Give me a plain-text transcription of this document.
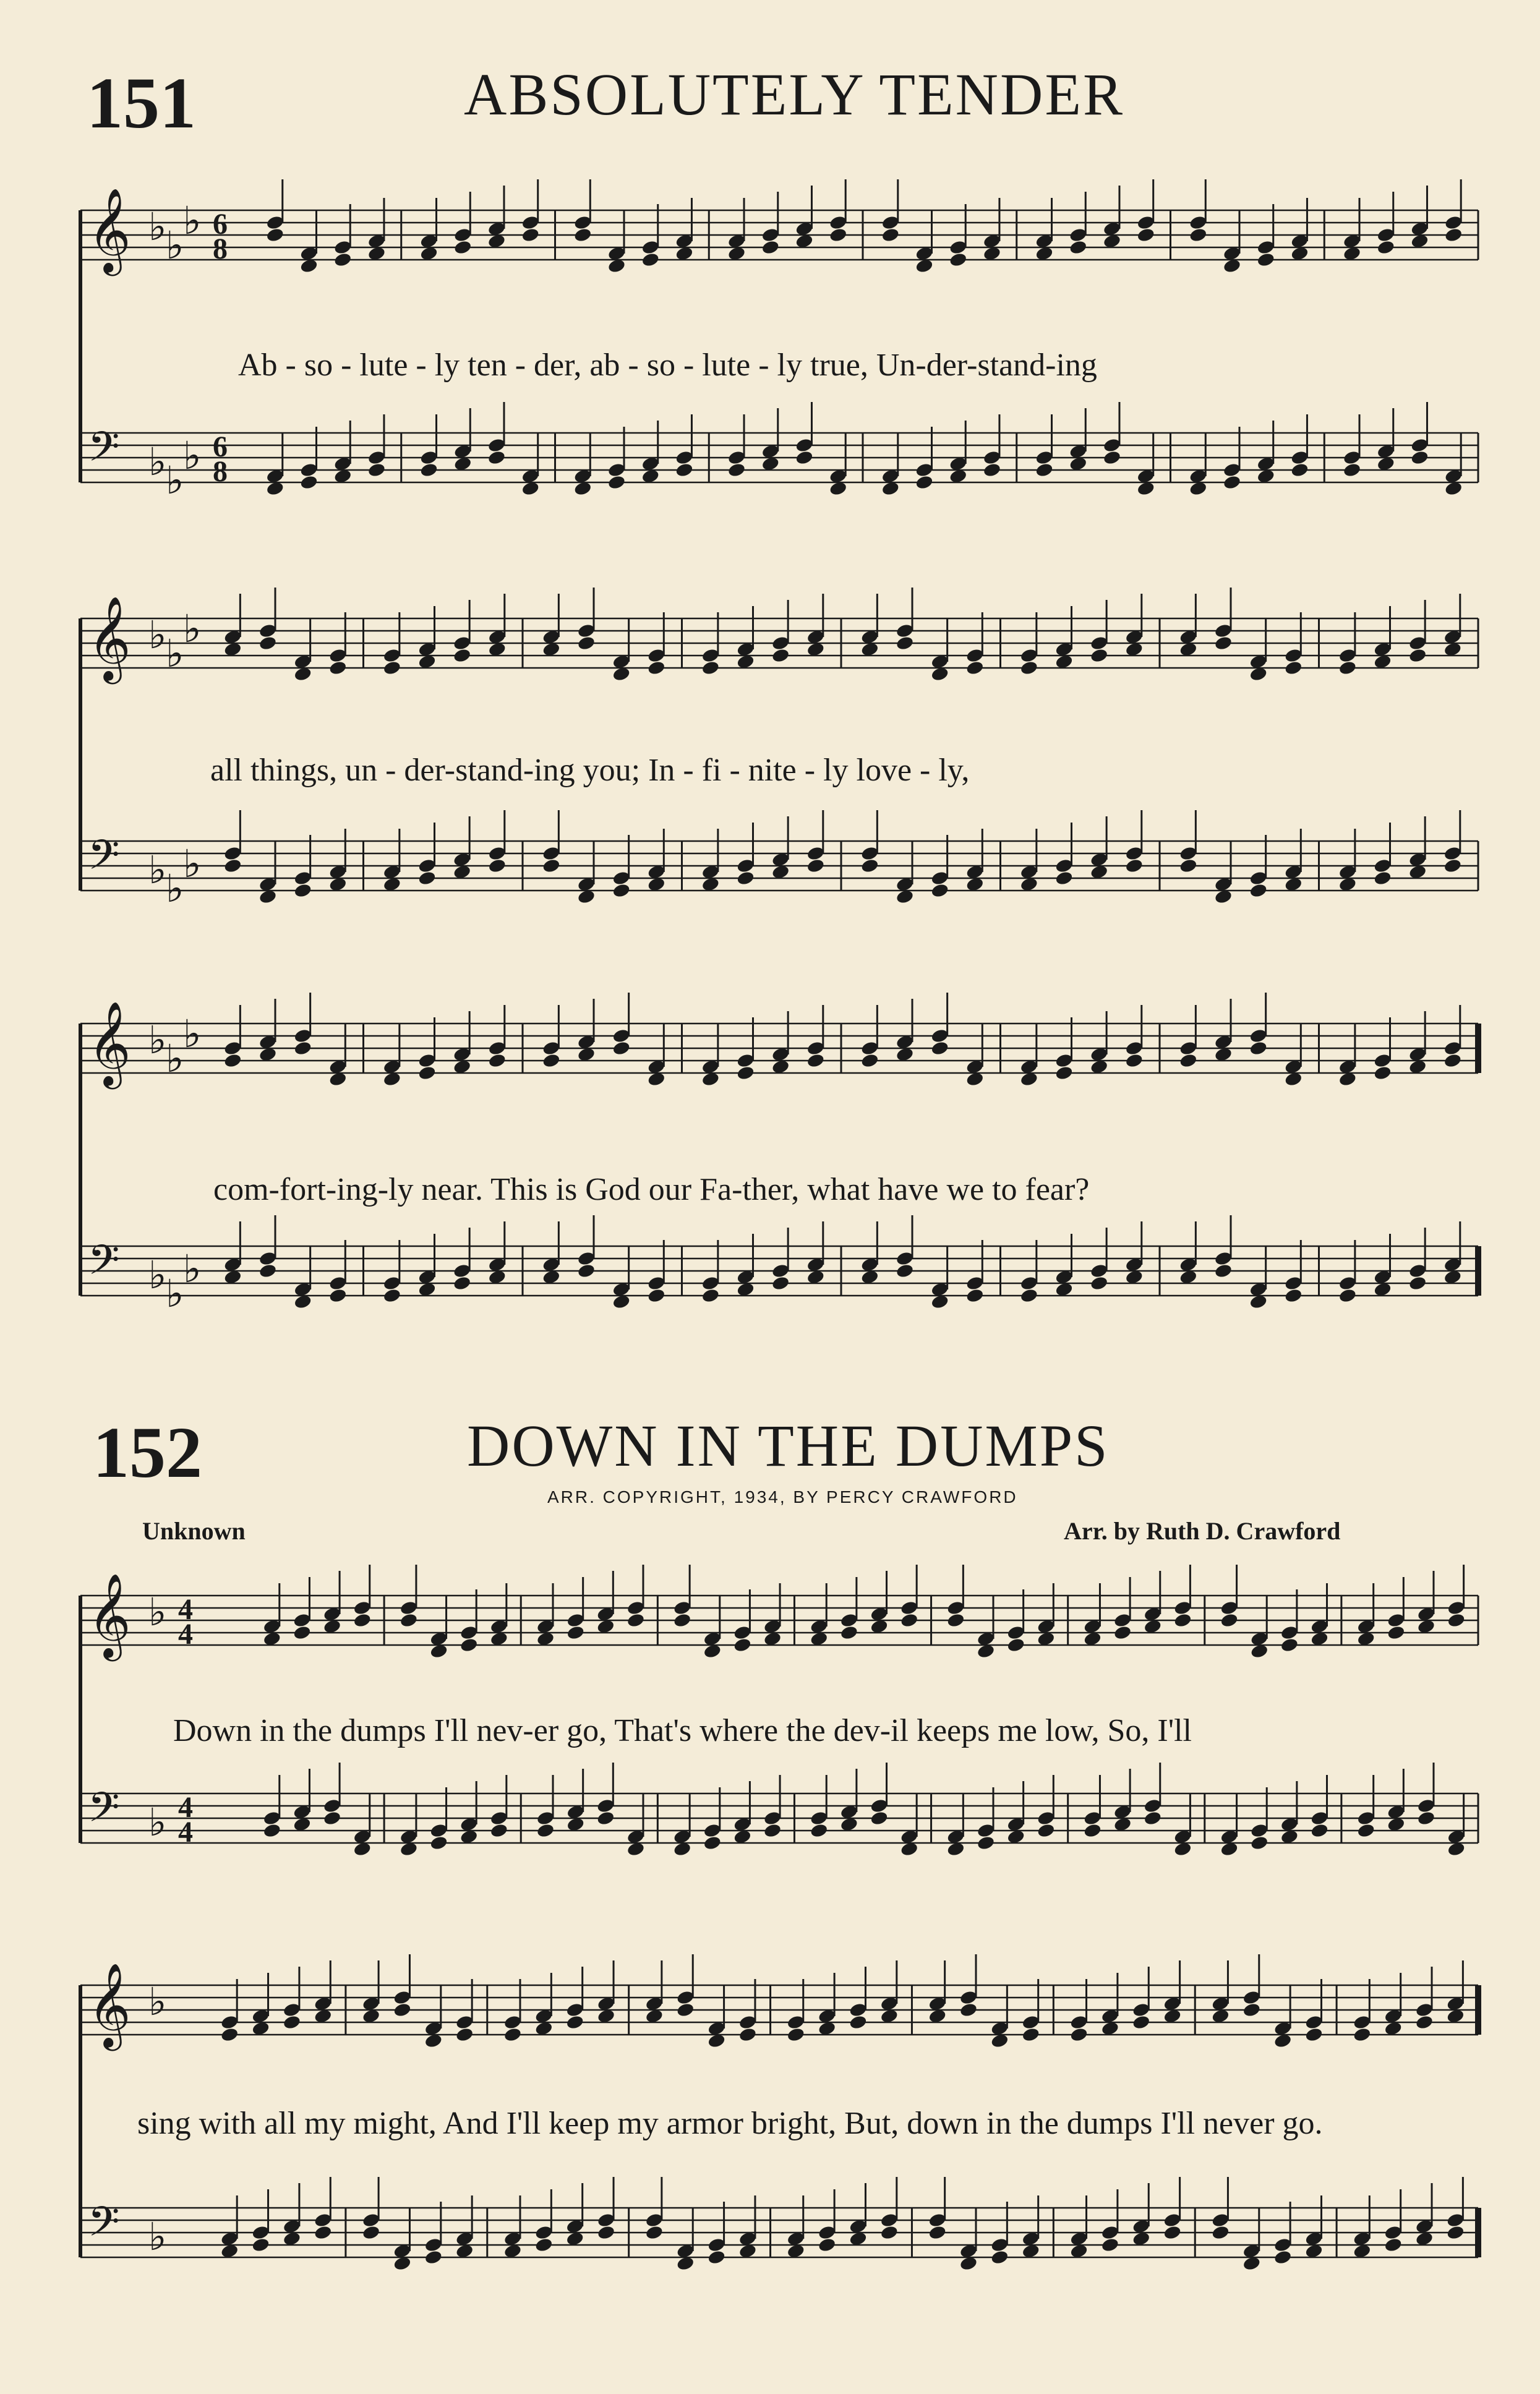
151	ABSOLUTELY TENDER
𝄞 ♭
♭
♭ 6
8
𝄢 ♭
♭
♭ 6
8
Ab - so - lute - ly ten - der, ab - so - lute - ly true, Un-der-stand-ing
𝄞 ♭
♭
♭
𝄢 ♭
♭
♭
all things, un - der-stand-ing you; In - fi - nite - ly love - ly,
𝄞 ♭
♭
♭
𝄢 ♭
♭
♭
com-fort-ing-ly near. This is God our Fa-ther, what have we to fear?
152	DOWN IN THE DUMPS
ARR. COPYRIGHT, 1934, BY PERCY CRAWFORD
Unknown	Arr. by Ruth D. Crawford
𝄞 ♭ 4
4
𝄢 ♭ 4
4
Down in the dumps I'll nev-er go, That's where the dev-il keeps me low, So, I'll
𝄞 ♭
𝄢 ♭
sing with all my might, And I'll keep my armor bright, But, down in the dumps I'll never go.
